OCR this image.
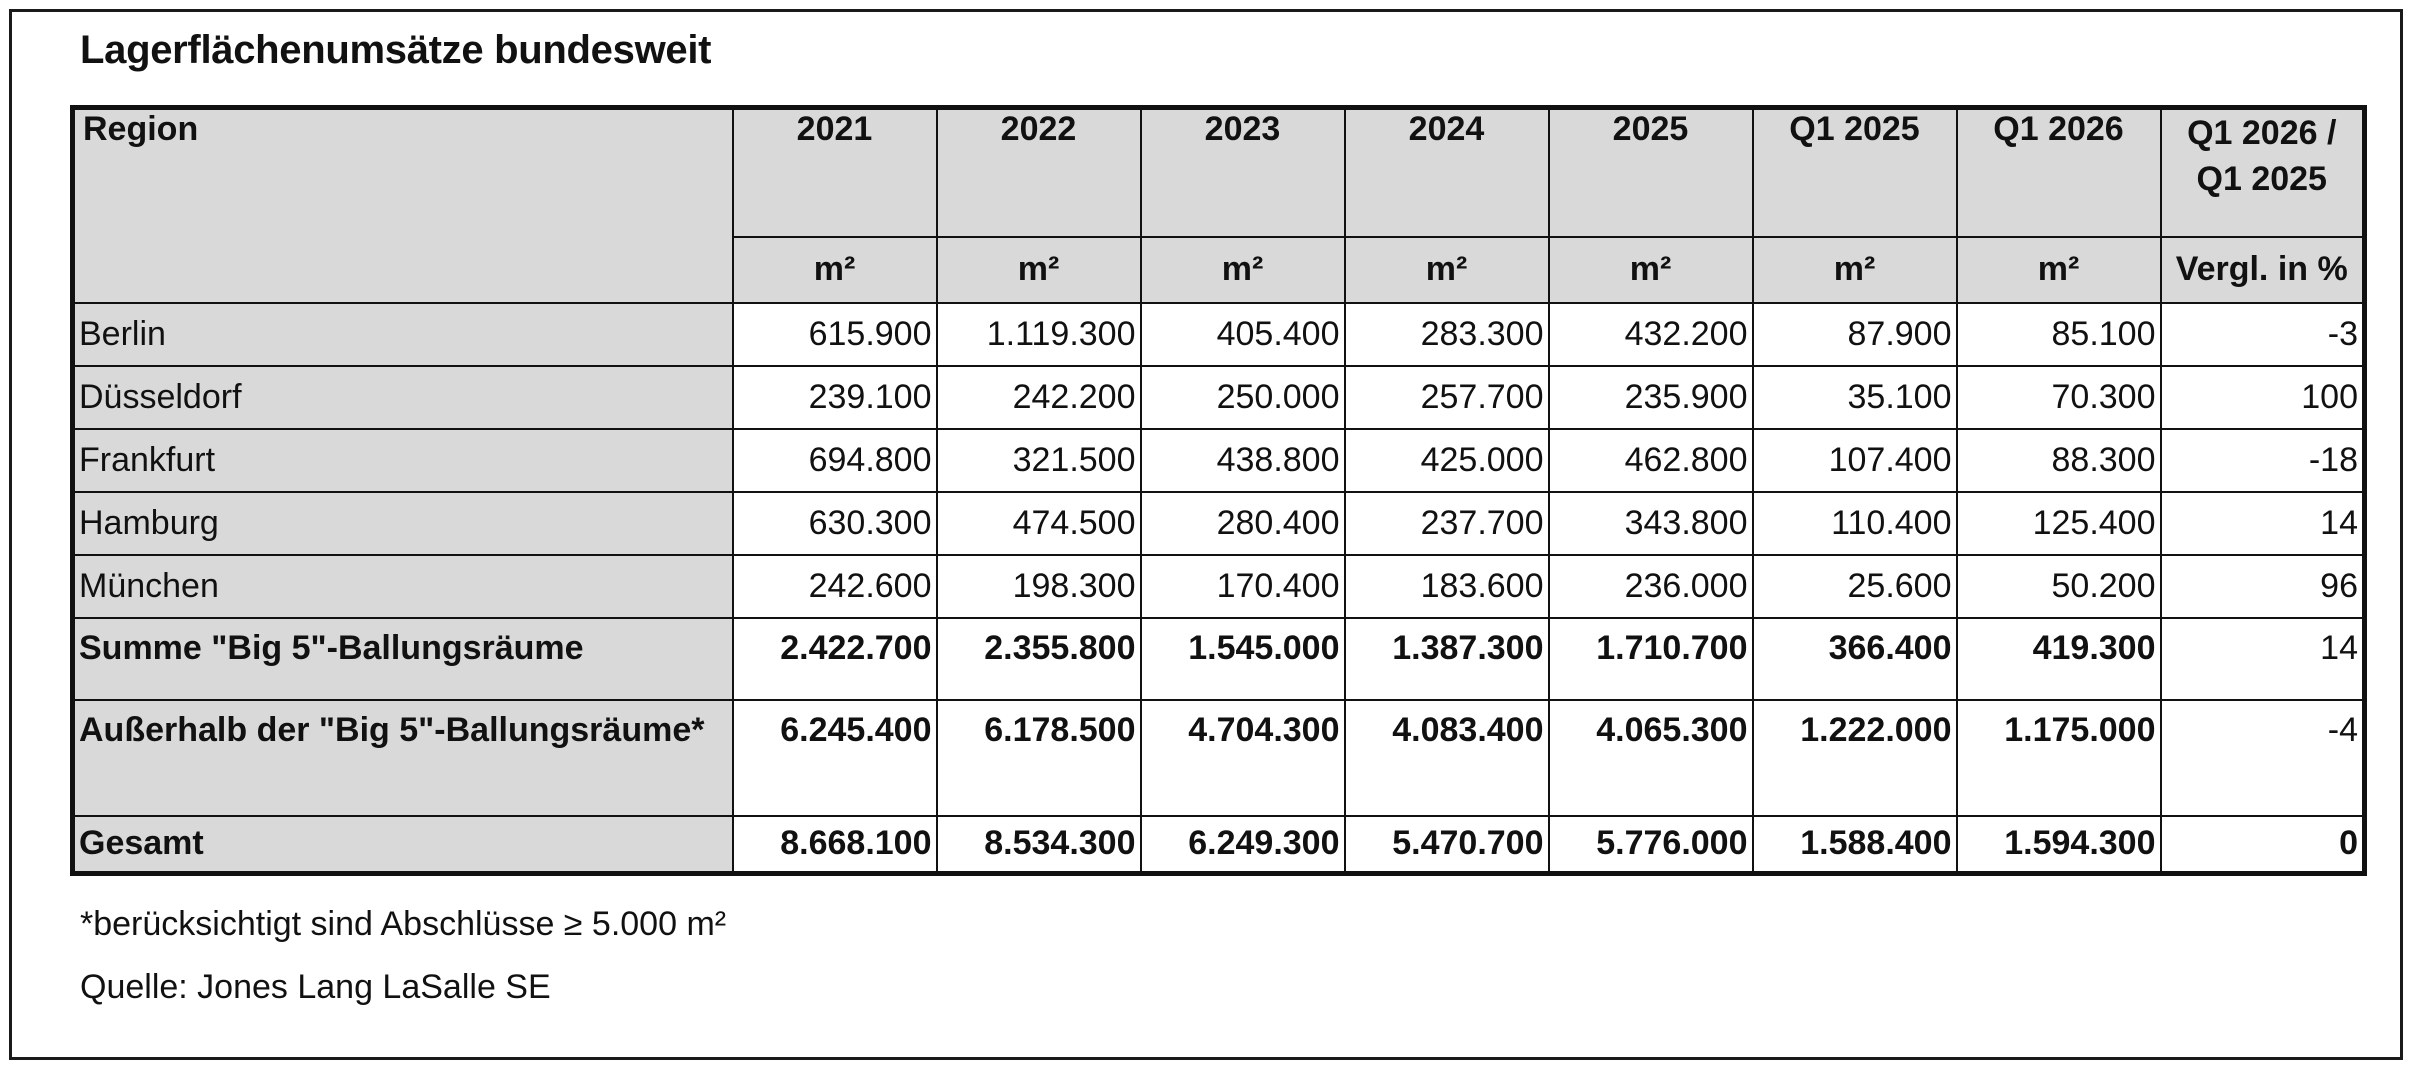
Lagerflächenumsätze bundesweit
Region	2021	2022	2023	2024	2025	Q1 2025	Q1 2026	Q1 2026 / Q1 2025
	m²	m²	m²	m²	m²	m²	m²	Vergl. in %
Berlin	615.900	1.119.300	405.400	283.300	432.200	87.900	85.100	-3
Düsseldorf	239.100	242.200	250.000	257.700	235.900	35.100	70.300	100
Frankfurt	694.800	321.500	438.800	425.000	462.800	107.400	88.300	-18
Hamburg	630.300	474.500	280.400	237.700	343.800	110.400	125.400	14
München	242.600	198.300	170.400	183.600	236.000	25.600	50.200	96
Summe "Big 5"-Ballungsräume	2.422.700	2.355.800	1.545.000	1.387.300	1.710.700	366.400	419.300	14
Außerhalb der "Big 5"-Ballungsräume*	6.245.400	6.178.500	4.704.300	4.083.400	4.065.300	1.222.000	1.175.000	-4
Gesamt	8.668.100	8.534.300	6.249.300	5.470.700	5.776.000	1.588.400	1.594.300	0
*berücksichtigt sind Abschlüsse ≥ 5.000 m²
Quelle: Jones Lang LaSalle SE
